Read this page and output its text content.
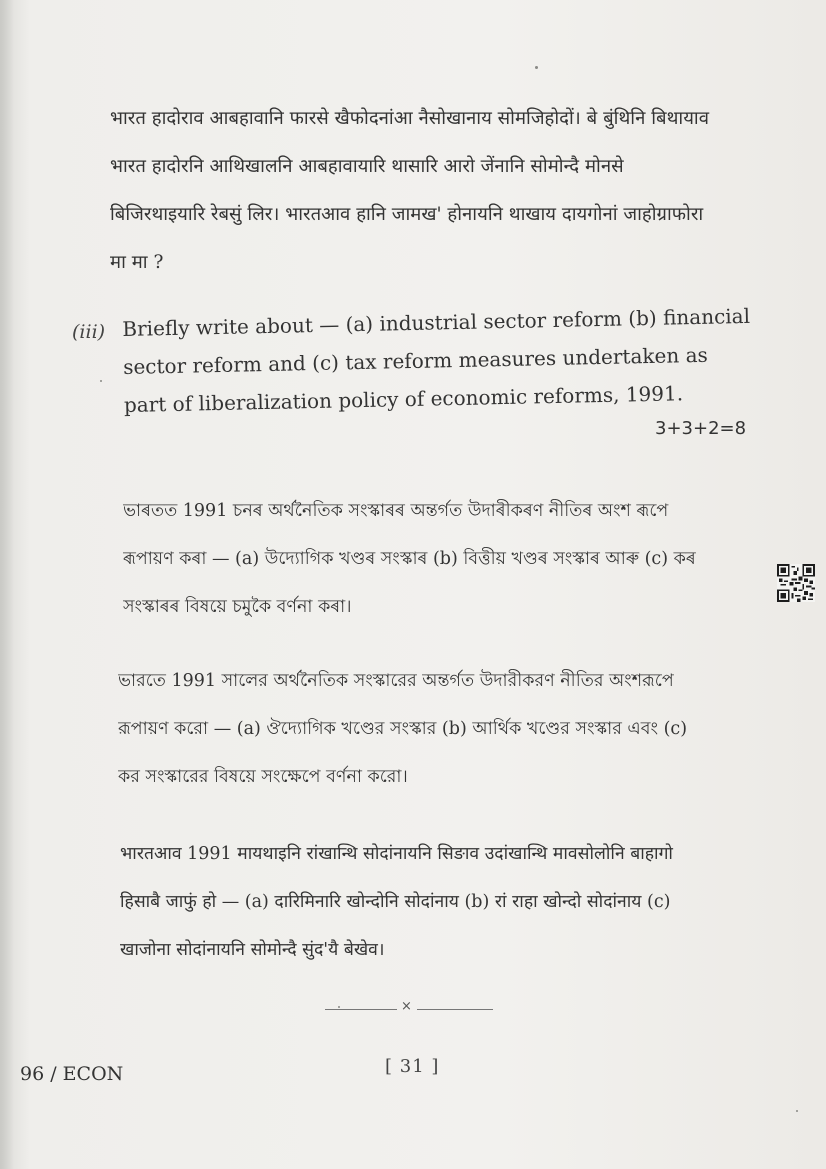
भारत हादोराव आबहावानि फारसे खैफोदनांआ नैसोखानाय सोमजिहोदों। बे बुंथिनि बिथायाव
भारत हादोरनि आथिखालनि आबहावायारि थासारि आरो जेंनानि सोमोन्दै मोनसे
बिजिरथाइयारि रेबसुं लिर। भारतआव हानि जामख' होनायनि थाखाय दायगोनां जाहोग्राफोरा
मा मा ?
(iii) Briefly write about — (a) industrial sector reform (b) financial
sector reform and (c) tax reform measures undertaken as
part of liberalization policy of economic reforms, 1991.
3+3+2=8
ভাৰতত 1991 চনৰ অৰ্থনৈতিক সংস্কাৰৰ অন্তৰ্গত উদাৰীকৰণ নীতিৰ অংশ ৰূপে
ৰূপায়ণ কৰা — (a) উদ্যোগিক খণ্ডৰ সংস্কাৰ (b) বিত্তীয় খণ্ডৰ সংস্কাৰ আৰু (c) কৰ
সংস্কাৰৰ বিষয়ে চমুকৈ বৰ্ণনা কৰা।
ভারতে 1991 সালের অর্থনৈতিক সংস্কারের অন্তর্গত উদারীকরণ নীতির অংশরূপে
রূপায়ণ করো — (a) ঔদ্যোগিক খণ্ডের সংস্কার (b) আর্থিক খণ্ডের সংস্কার এবং (c)
কর সংস্কারের বিষয়ে সংক্ষেপে বর্ণনা করো।
भारतआव 1991 मायथाइनि रांखान्थि सोदांनायनि सिङाव उदांखान्थि मावसोलोनि बाहागो
हिसाबै जाफुं हो — (a) दारिमिनारि खोन्दोनि सोदांनाय (b) रां राहा खोन्दो सोदांनाय (c)
खाजोना सोदांनायनि सोमोन्दै सुंद'यै बेखेव।
×
96 / ECON	[ 31 ]
